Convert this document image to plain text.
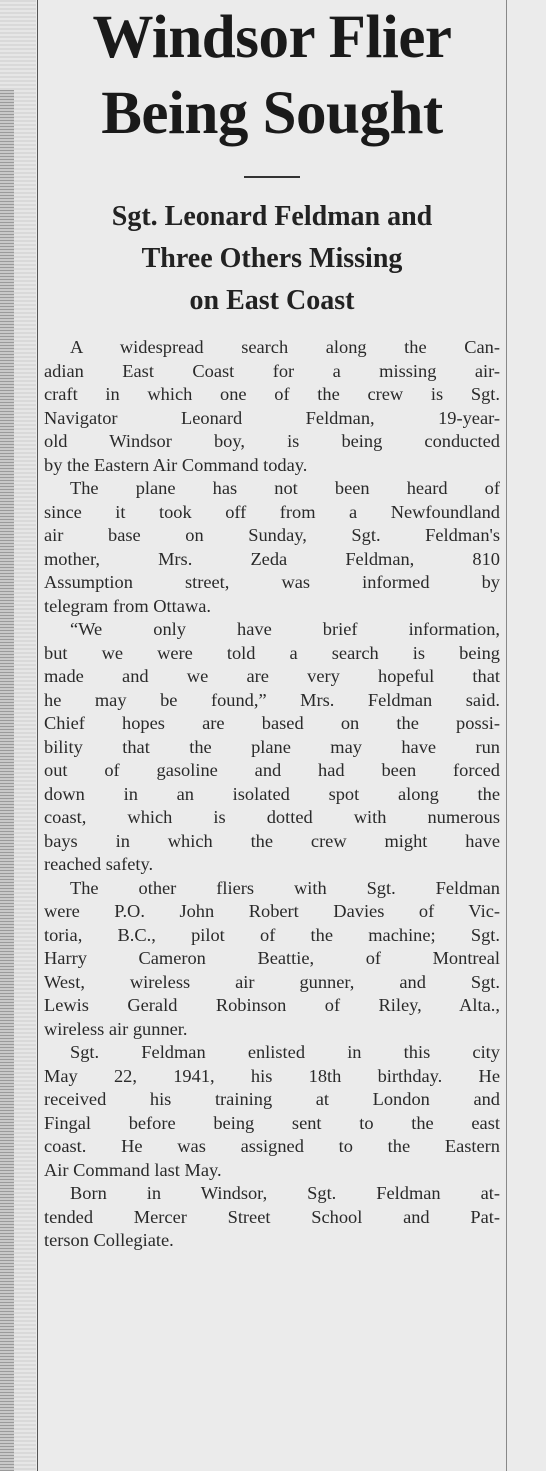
Windsor Flier
Being Sought
Sgt. Leonard Feldman and
Three Others Missing
on East Coast

A widespread search along the Can-
adian East Coast for a missing air-
craft in which one of the crew is Sgt.
Navigator Leonard Feldman, 19-year-
old Windsor boy, is being conducted
by the Eastern Air Command today.

The plane has not been heard of
since it took off from a Newfoundland
air base on Sunday, Sgt. Feldman's
mother, Mrs. Zeda Feldman, 810
Assumption street, was informed by
telegram from Ottawa.

“We only have brief information,
but we were told a search is being
made and we are very hopeful that
he may be found,” Mrs. Feldman said.
Chief hopes are based on the possi-
bility that the plane may have run
out of gasoline and had been forced
down in an isolated spot along the
coast, which is dotted with numerous
bays in which the crew might have
reached safety.

The other fliers with Sgt. Feldman
were P.O. John Robert Davies of Vic-
toria, B.C., pilot of the machine; Sgt.
Harry Cameron Beattie, of Montreal
West, wireless air gunner, and Sgt.
Lewis Gerald Robinson of Riley, Alta.,
wireless air gunner.

Sgt. Feldman enlisted in this city
May 22, 1941, his 18th birthday. He
received his training at London and
Fingal before being sent to the east
coast. He was assigned to the Eastern
Air Command last May.

Born in Windsor, Sgt. Feldman at-
tended Mercer Street School and Pat-
terson Collegiate.
